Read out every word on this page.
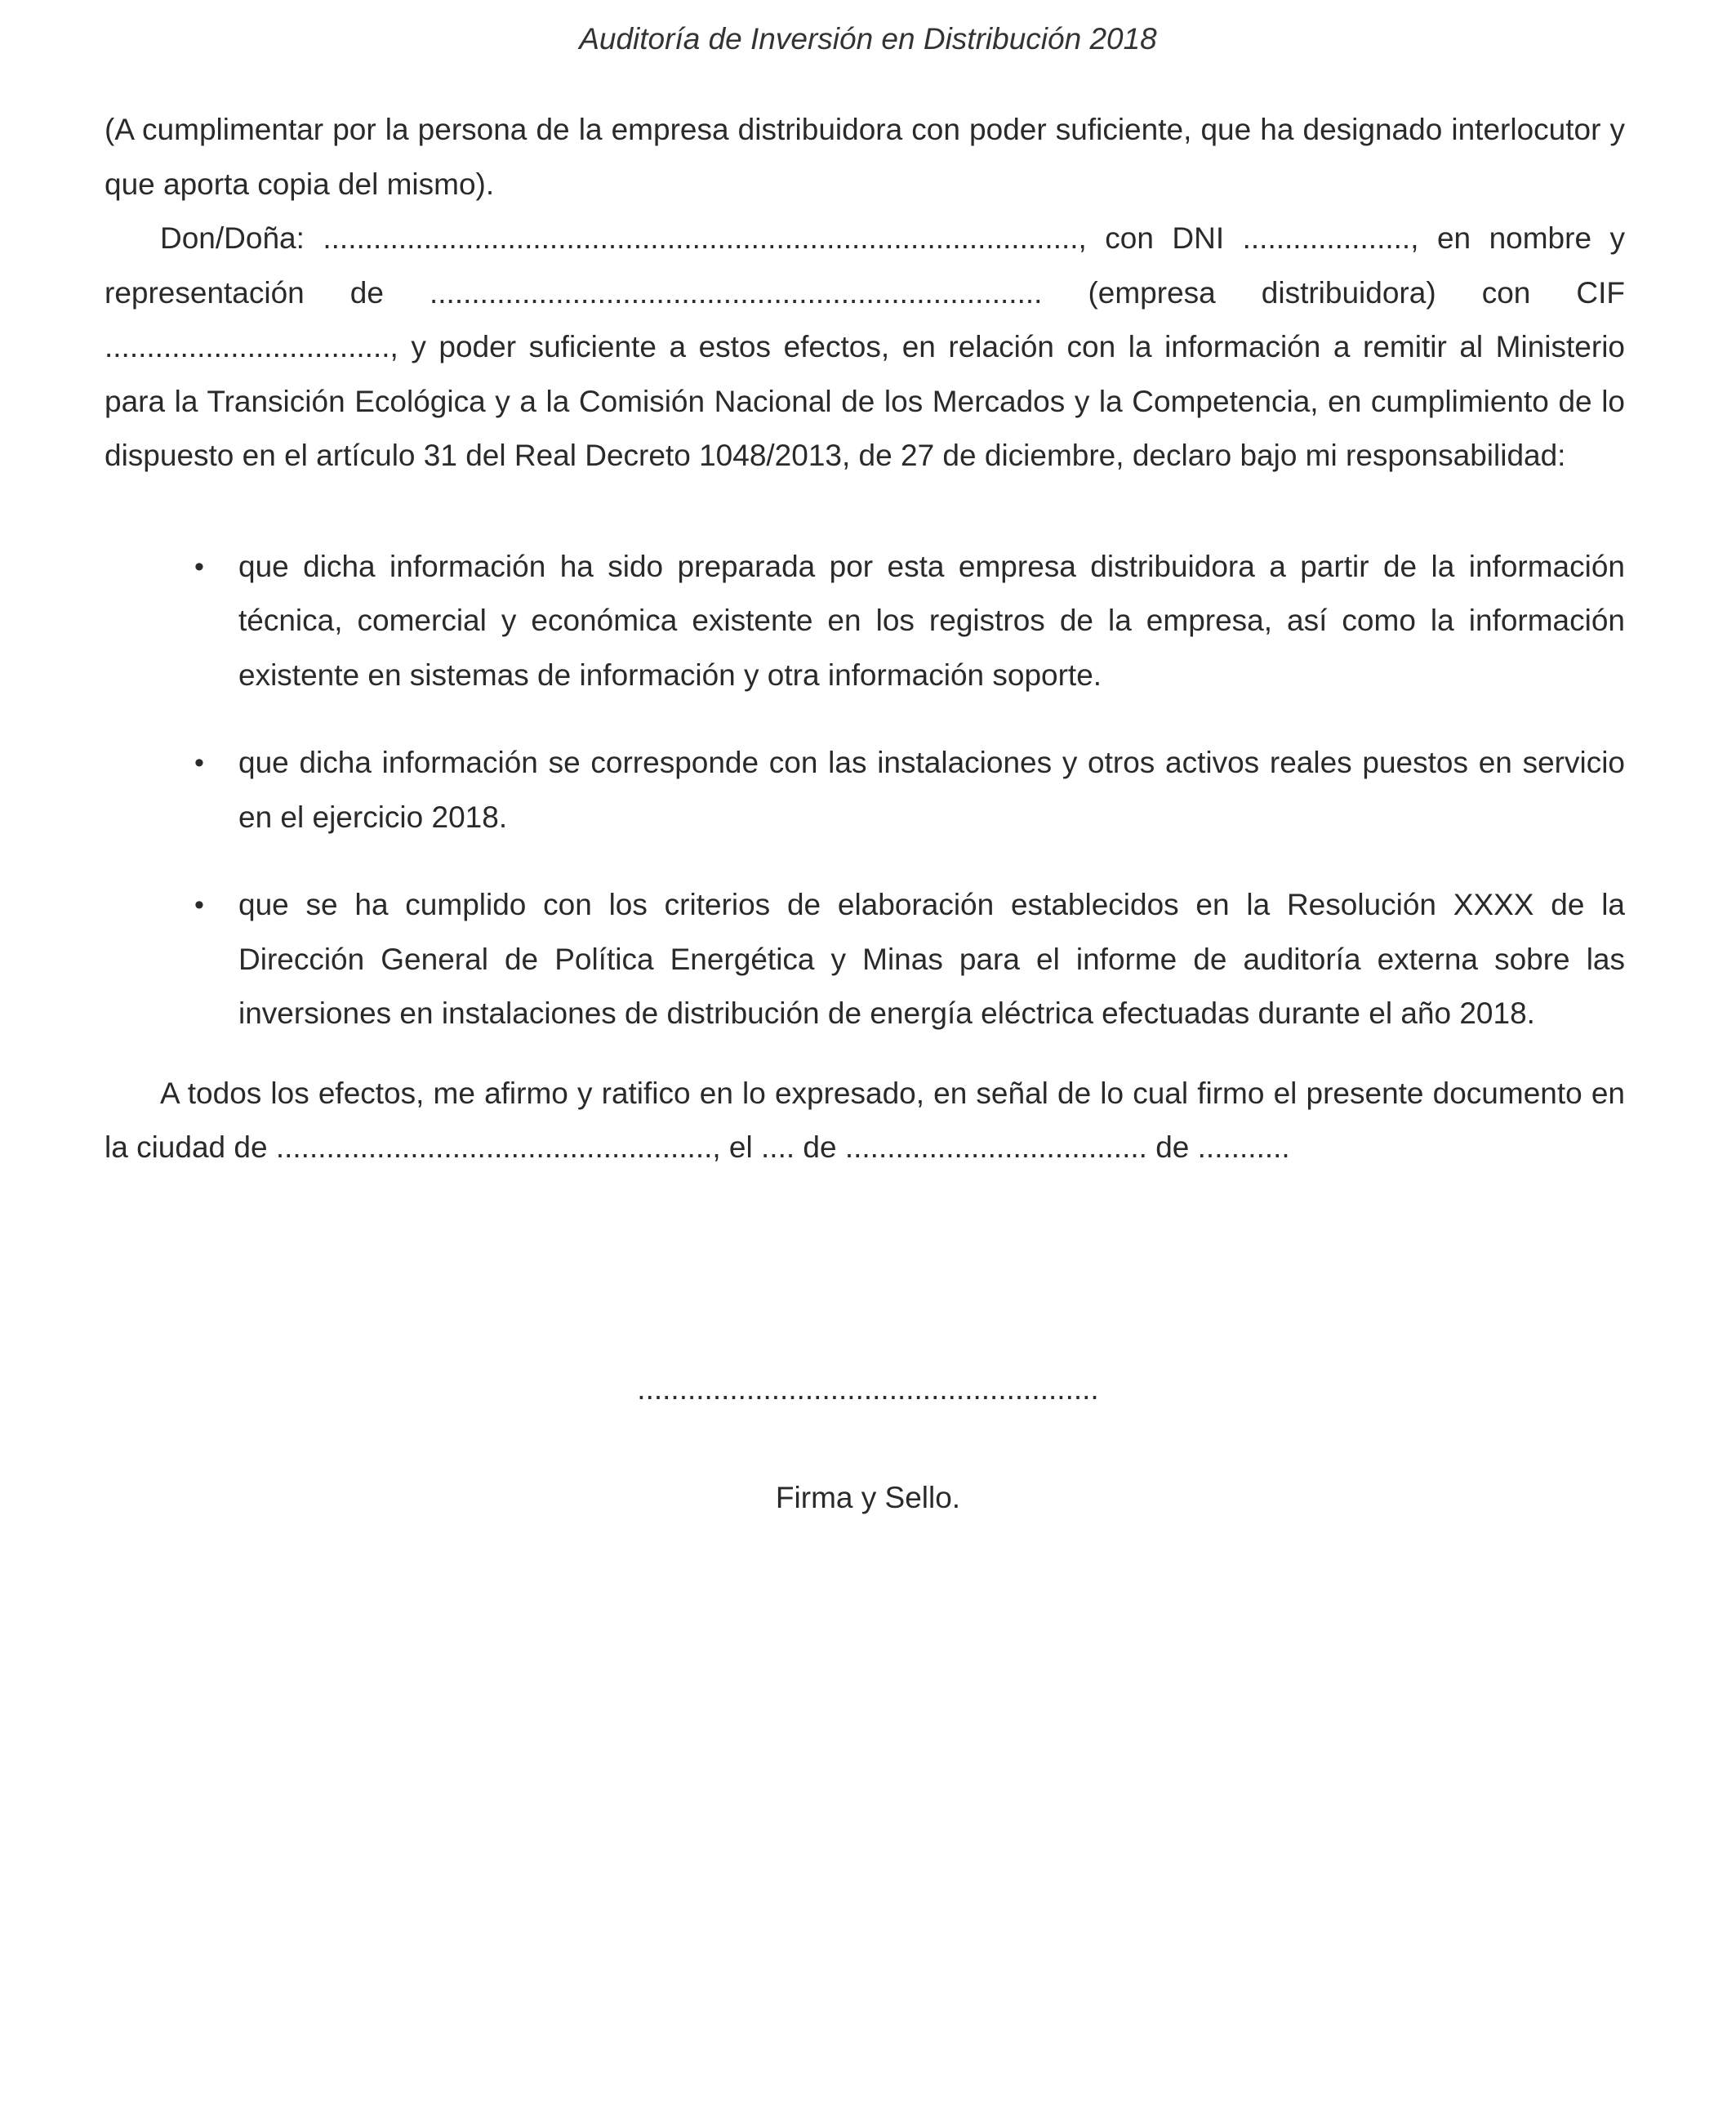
Auditoría de Inversión en Distribución 2018

(A cumplimentar por la persona de la empresa distribuidora con poder suficiente, que ha designado interlocutor y que aporta copia del mismo).

Don/Doña: .........................................................................................., con DNI ...................., en nombre y representación de ......................................................................... (empresa distribuidora) con CIF .................................., y poder suficiente a estos efectos, en relación con la información a remitir al Ministerio para la Transición Ecológica y a la Comisión Nacional de los Mercados y la Competencia, en cumplimiento de lo dispuesto en el artículo 31 del Real Decreto 1048/2013, de 27 de diciembre, declaro bajo mi responsabilidad:

• que dicha información ha sido preparada por esta empresa distribuidora a partir de la información técnica, comercial y económica existente en los registros de la empresa, así como la información existente en sistemas de información y otra información soporte.
• que dicha información se corresponde con las instalaciones y otros activos reales puestos en servicio en el ejercicio 2018.
• que se ha cumplido con los criterios de elaboración establecidos en la Resolución XXXX de la Dirección General de Política Energética y Minas para el informe de auditoría externa sobre las inversiones en instalaciones de distribución de energía eléctrica efectuadas durante el año 2018.

A todos los efectos, me afirmo y ratifico en lo expresado, en señal de lo cual firmo el presente documento en la ciudad de ...................................................., el .... de .................................... de ...........

.......................................................
Firma y Sello.
